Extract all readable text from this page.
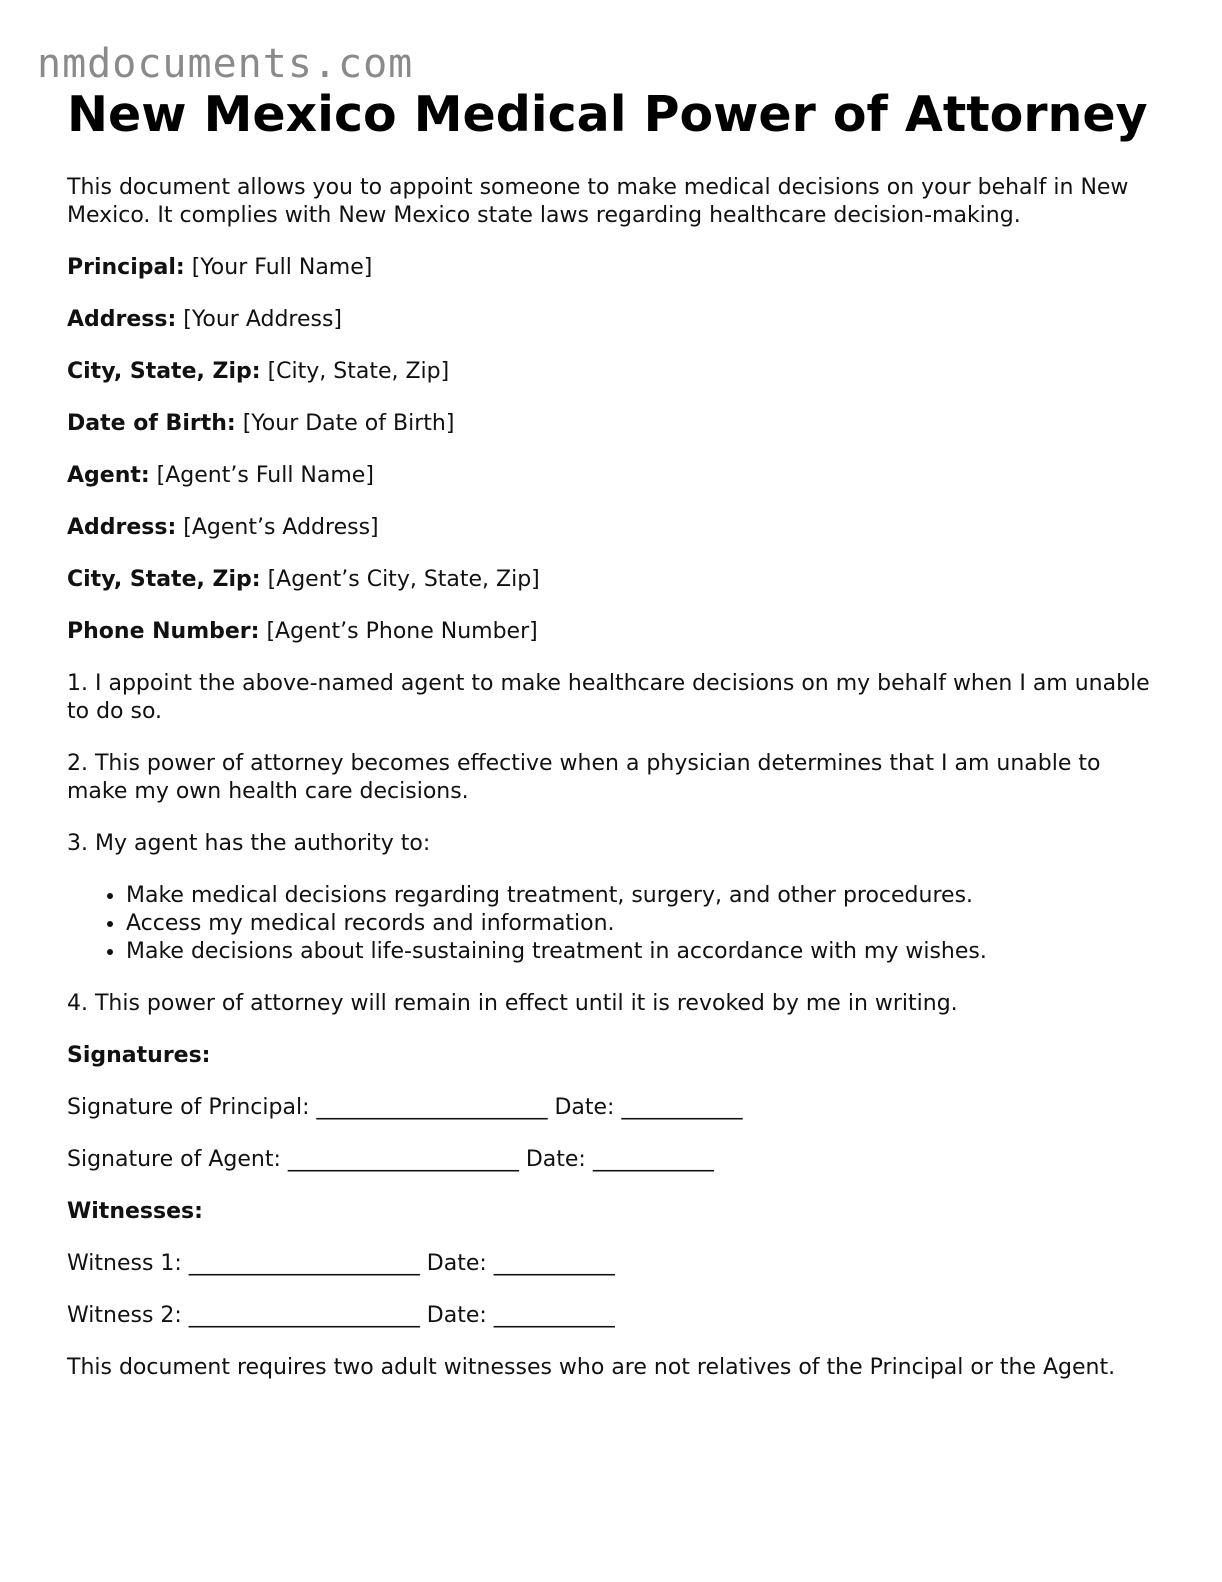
nmdocuments.com
New Mexico Medical Power of Attorney

This document allows you to appoint someone to make medical decisions on your behalf in New Mexico. It complies with New Mexico state laws regarding healthcare decision-making.

Principal: [Your Full Name]

Address: [Your Address]

City, State, Zip: [City, State, Zip]

Date of Birth: [Your Date of Birth]

Agent: [Agent’s Full Name]

Address: [Agent’s Address]

City, State, Zip: [Agent’s City, State, Zip]

Phone Number: [Agent’s Phone Number]

1. I appoint the above-named agent to make healthcare decisions on my behalf when I am unable to do so.

2. This power of attorney becomes effective when a physician determines that I am unable to make my own health care decisions.

3. My agent has the authority to:

• Make medical decisions regarding treatment, surgery, and other procedures.
• Access my medical records and information.
• Make decisions about life-sustaining treatment in accordance with my wishes.

4. This power of attorney will remain in effect until it is revoked by me in writing.

Signatures:

Signature of Principal: _____________________ Date: ___________

Signature of Agent: _____________________ Date: ___________

Witnesses:

Witness 1: _____________________ Date: ___________

Witness 2: _____________________ Date: ___________

This document requires two adult witnesses who are not relatives of the Principal or the Agent.
